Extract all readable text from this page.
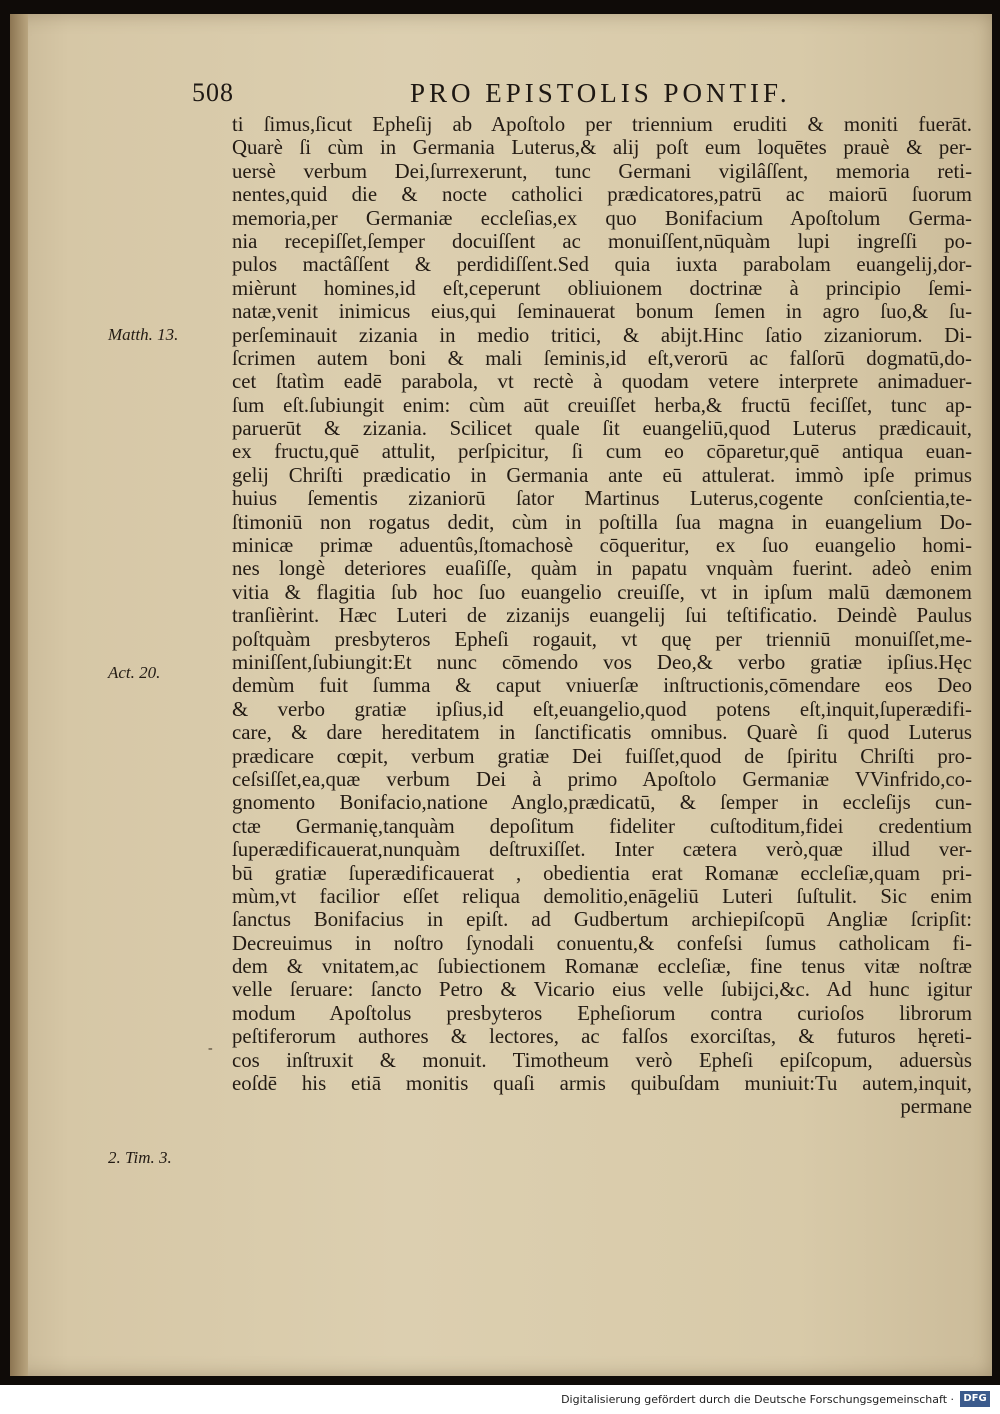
508	PRO EPISTOLIS PONTIF.
Matth. 13.
Act. 20.
2. Tim. 3.
-
ti ſimus,ſicut Epheſij ab Apoſtolo per triennium eruditi & moniti fuerāt.
Quarè ſi cùm in Germania Luterus,& alij poſt eum loquētes prauè & per-
uersè verbum Dei,ſurrexerunt, tunc Germani vigilâſſent, memoria reti-
nentes,quid die & nocte catholici prædicatores,patrū ac maiorū ſuorum
memoria,per Germaniæ eccleſias,ex quo Bonifacium Apoſtolum Germa-
nia recepiſſet,ſemper docuiſſent ac monuiſſent,nūquàm lupi ingreſſi po-
pulos mactâſſent & perdidiſſent.Sed quia iuxta parabolam euangelij,dor-
mièrunt homines,id eſt,ceperunt obliuionem doctrinæ à principio ſemi-
natæ,venit inimicus eius,qui ſeminauerat bonum ſemen in agro ſuo,& ſu-
perſeminauit zizania in medio tritici, & abijt.Hinc ſatio zizaniorum. Di-
ſcrimen autem boni & mali ſeminis,id eſt,verorū ac falſorū dogmatū,do-
cet ſtatìm eadē parabola, vt rectè à quodam vetere interprete animaduer-
ſum eſt.ſubiungit enim: cùm aūt creuiſſet herba,& fructū feciſſet, tunc ap-
paruerūt & zizania. Scilicet quale ſit euangeliū,quod Luterus prædicauit,
ex fructu,quē attulit, perſpicitur, ſi cum eo cōparetur,quē antiqua euan-
gelij Chriſti prædicatio in Germania ante eū attulerat. immò ipſe primus
huius ſementis zizaniorū ſator Martinus Luterus,cogente conſcientia,te-
ſtimoniū non rogatus dedit, cùm in poſtilla ſua magna in euangelium Do-
minicæ primæ aduentûs,ſtomachosè cōqueritur, ex ſuo euangelio homi-
nes longè deteriores euaſiſſe, quàm in papatu vnquàm fuerint. adeò enim
vitia & flagitia ſub hoc ſuo euangelio creuiſſe, vt in ipſum malū dæmonem
tranſièrint. Hæc Luteri de zizanijs euangelij ſui teſtificatio. Deindè Paulus
poſtquàm presbyteros Epheſi rogauit, vt quę per trienniū monuiſſet,me-
miniſſent,ſubiungit:Et nunc cōmendo vos Deo,& verbo gratiæ ipſius.Hęc
demùm fuit ſumma & caput vniuerſæ inſtructionis,cōmendare eos Deo
& verbo gratiæ ipſius,id eſt,euangelio,quod potens eſt,inquit,ſuperædifi-
care, & dare hereditatem in ſanctificatis omnibus. Quarè ſi quod Luterus
prædicare cœpit, verbum gratiæ Dei fuiſſet,quod de ſpiritu Chriſti pro-
ceſsiſſet,ea,quæ verbum Dei à primo Apoſtolo Germaniæ VVinfrido,co-
gnomento Bonifacio,natione Anglo,prædicatū, & ſemper in eccleſijs cun-
ctæ Germanię,tanquàm depoſitum fideliter cuſtoditum,fidei credentium
ſuperædificauerat,nunquàm deſtruxiſſet. Inter cætera verò,quæ illud ver-
bū gratiæ ſuperædificauerat , obedientia erat Romanæ eccleſiæ,quam pri-
mùm,vt facilior eſſet reliqua demolitio,enāgeliū Luteri ſuſtulit. Sic enim
ſanctus Bonifacius in epiſt. ad Gudbertum archiepiſcopū Angliæ ſcripſit:
Decreuimus in noſtro ſynodali conuentu,& confeſsi ſumus catholicam fi-
dem & vnitatem,ac ſubiectionem Romanæ eccleſiæ, fine tenus vitæ noſtræ
velle ſeruare: ſancto Petro & Vicario eius velle ſubijci,&c. Ad hunc igitur
modum Apoſtolus presbyteros Epheſiorum contra curioſos librorum
peſtiferorum authores & lectores, ac falſos exorciſtas, & futuros hęreti-
cos inſtruxit & monuit. Timotheum verò Epheſi epiſcopum, aduersùs
eoſdē his etiā monitis quaſi armis quibuſdam muniuit:Tu autem,inquit,
permane
Digitalisierung gefördert durch die Deutsche Forschungsgemeinschaft · DFG
